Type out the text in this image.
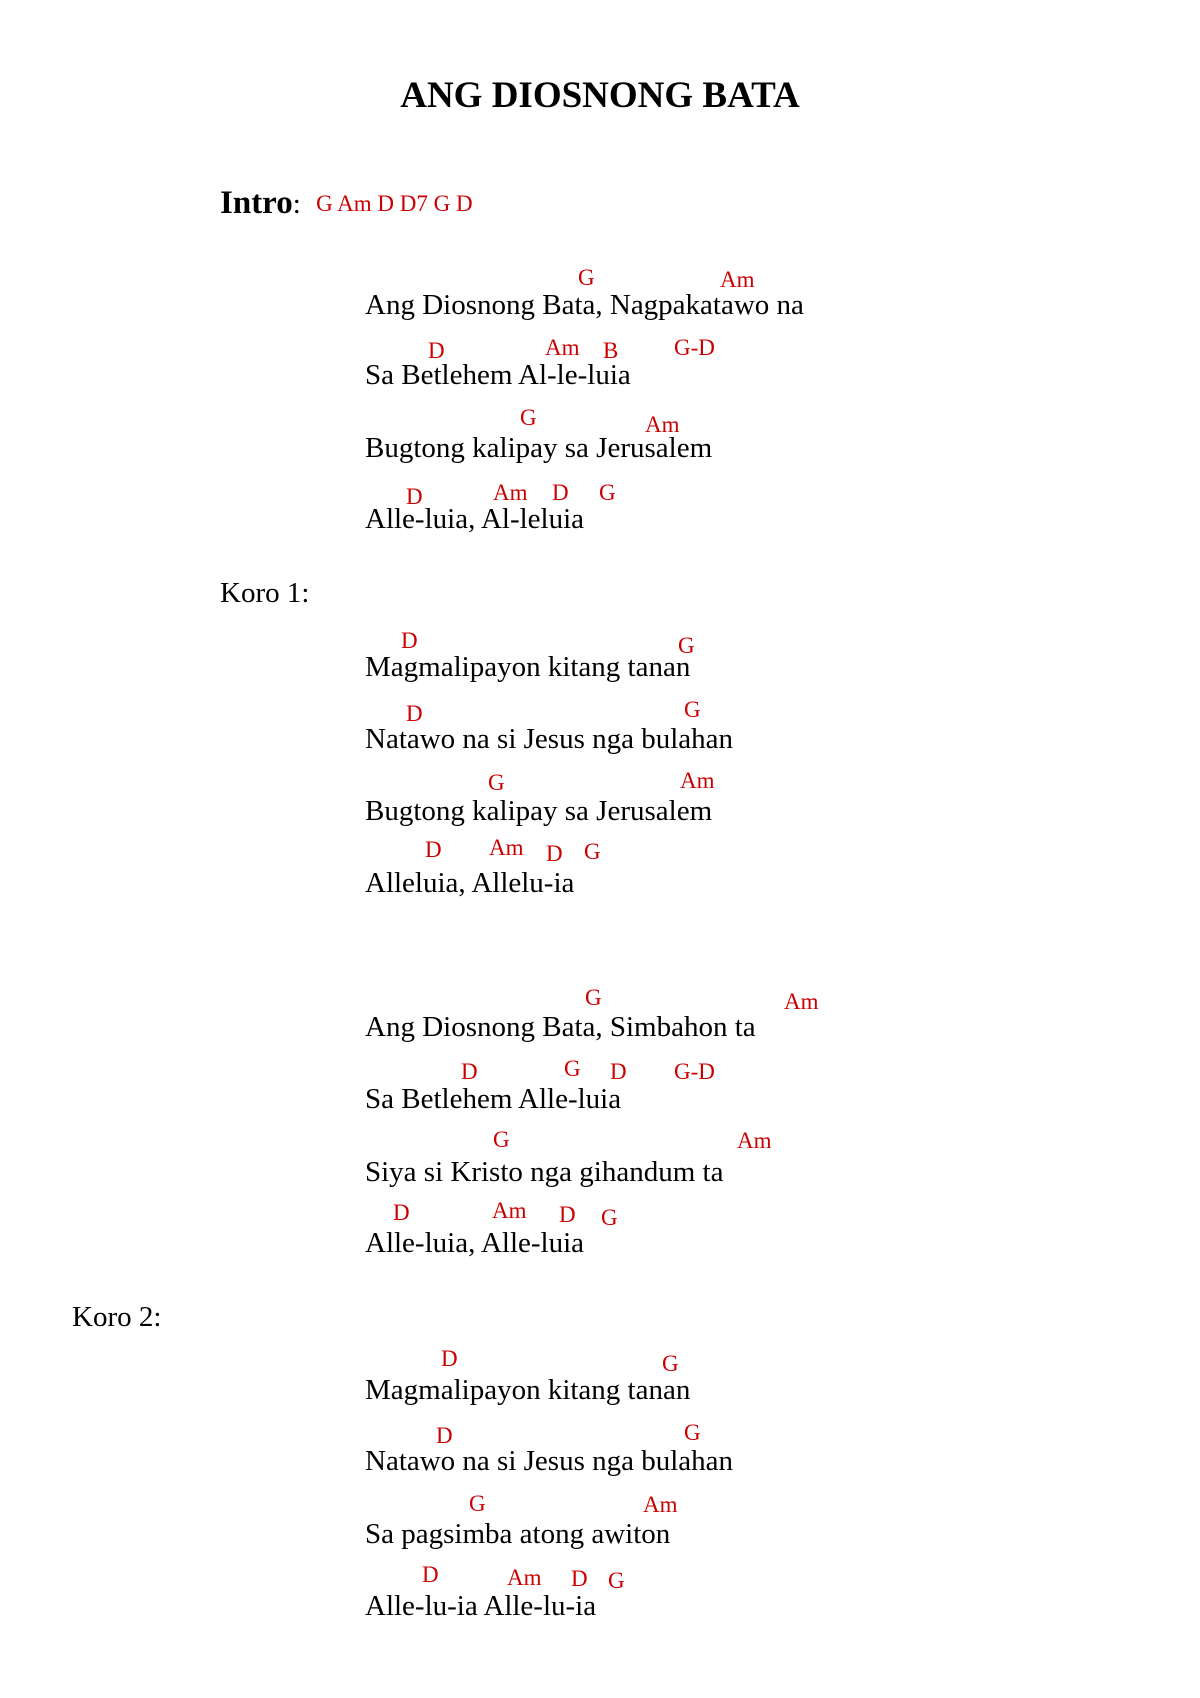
ANG DIOSNONG BATA
Intro: G Am D D7 G D
Koro 1:
Koro 2:
G	Am
Ang Diosnong Bata, Nagpakatawo na
D	Am B G-D
Sa Betlehem Al-le-luia
G	Am
Bugtong kalipay sa Jerusalem
D	Am D G
Alle-luia, Al-leluia
D	G
Magmalipayon kitang tanan
D	G
Natawo na si Jesus nga bulahan
G	Am
Bugtong kalipay sa Jerusalem
D Am D G
Alleluia, Allelu-ia
G	Am
Ang Diosnong Bata, Simbahon ta
D	G D G-D
Sa Betlehem Alle-luia
G	Am
Siya si Kristo nga gihandum ta
D	Am D G
Alle-luia, Alle-luia
D	G
Magmalipayon kitang tanan
D	G
Natawo na si Jesus nga bulahan
G	Am
Sa pagsimba atong awiton
D	Am D G
Alle-lu-ia Alle-lu-ia
